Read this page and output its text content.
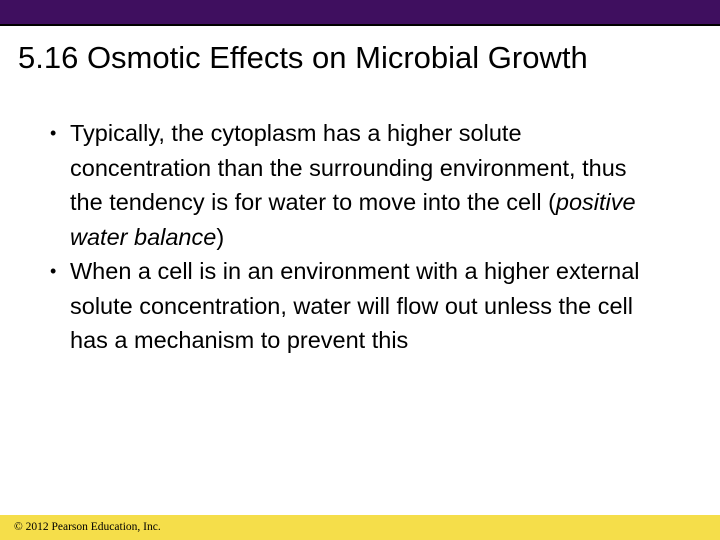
5.16 Osmotic Effects on Microbial Growth
• Typically, the cytoplasm has a higher solute concentration than the surrounding environment, thus the tendency is for water to move into the cell (positive water balance)
• When a cell is in an environment with a higher external solute concentration, water will flow out unless the cell has a mechanism to prevent this
© 2012 Pearson Education, Inc.
